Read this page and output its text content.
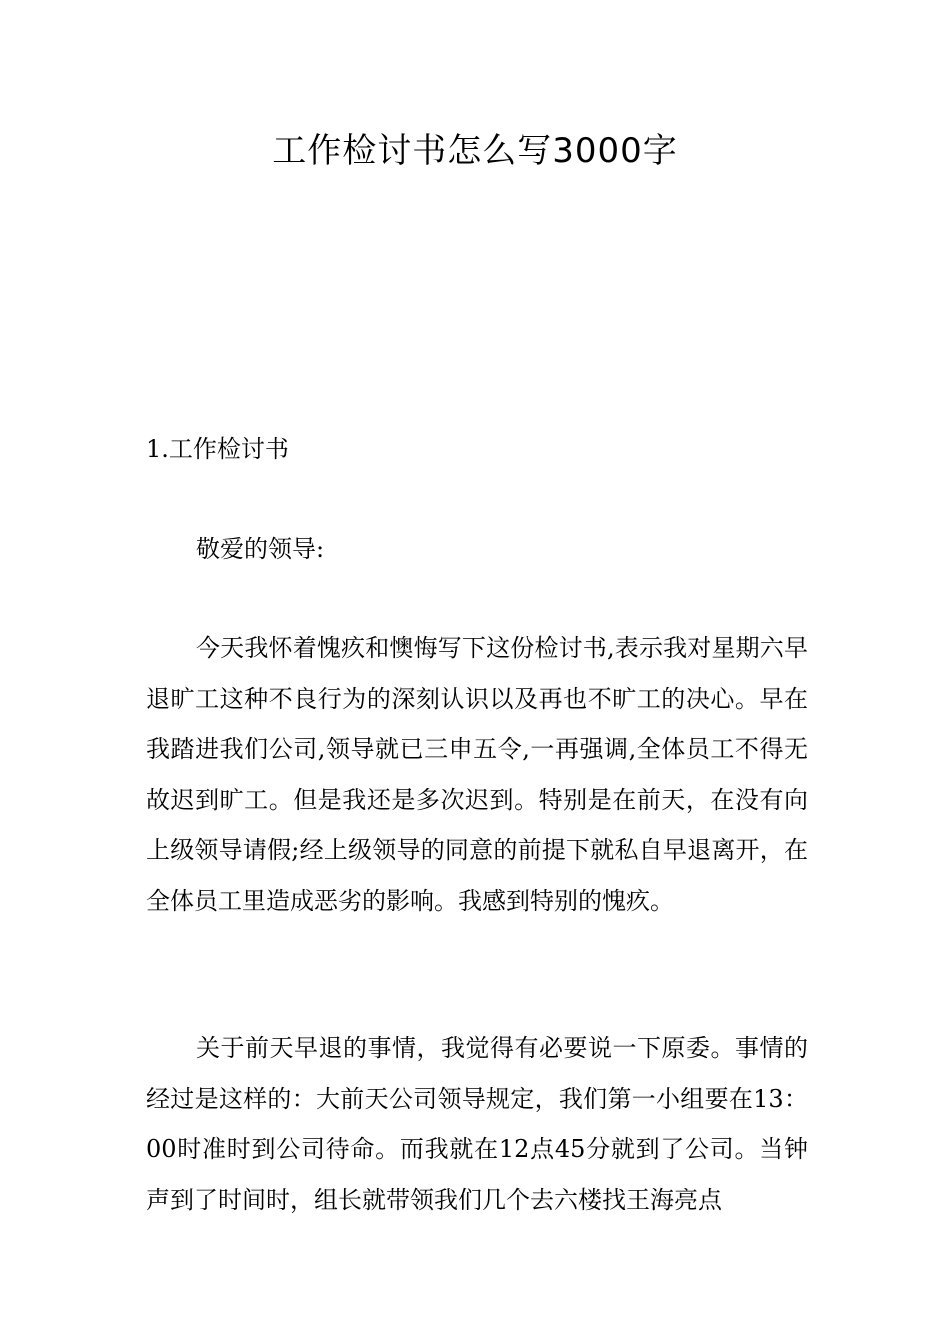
工作检讨书怎么写3000字
1.工作检讨书

敬爱的领导:

今天我怀着愧疚和懊悔写下这份检讨书,表示我对星期六早退旷工这种不良行为的深刻认识以及再也不旷工的决心。早在我踏进我们公司,领导就已三申五令,一再强调,全体员工不得无故迟到旷工。但是我还是多次迟到。特别是在前天，在没有向上级领导请假;经上级领导的同意的前提下就私自早退离开，在全体员工里造成恶劣的影响。我感到特别的愧疚。

关于前天早退的事情，我觉得有必要说一下原委。事情的经过是这样的：大前天公司领导规定，我们第一小组要在13：00时准时到公司待命。而我就在12点45分就到了公司。当钟声到了时间时，组长就带领我们几个去六楼找王海亮点
